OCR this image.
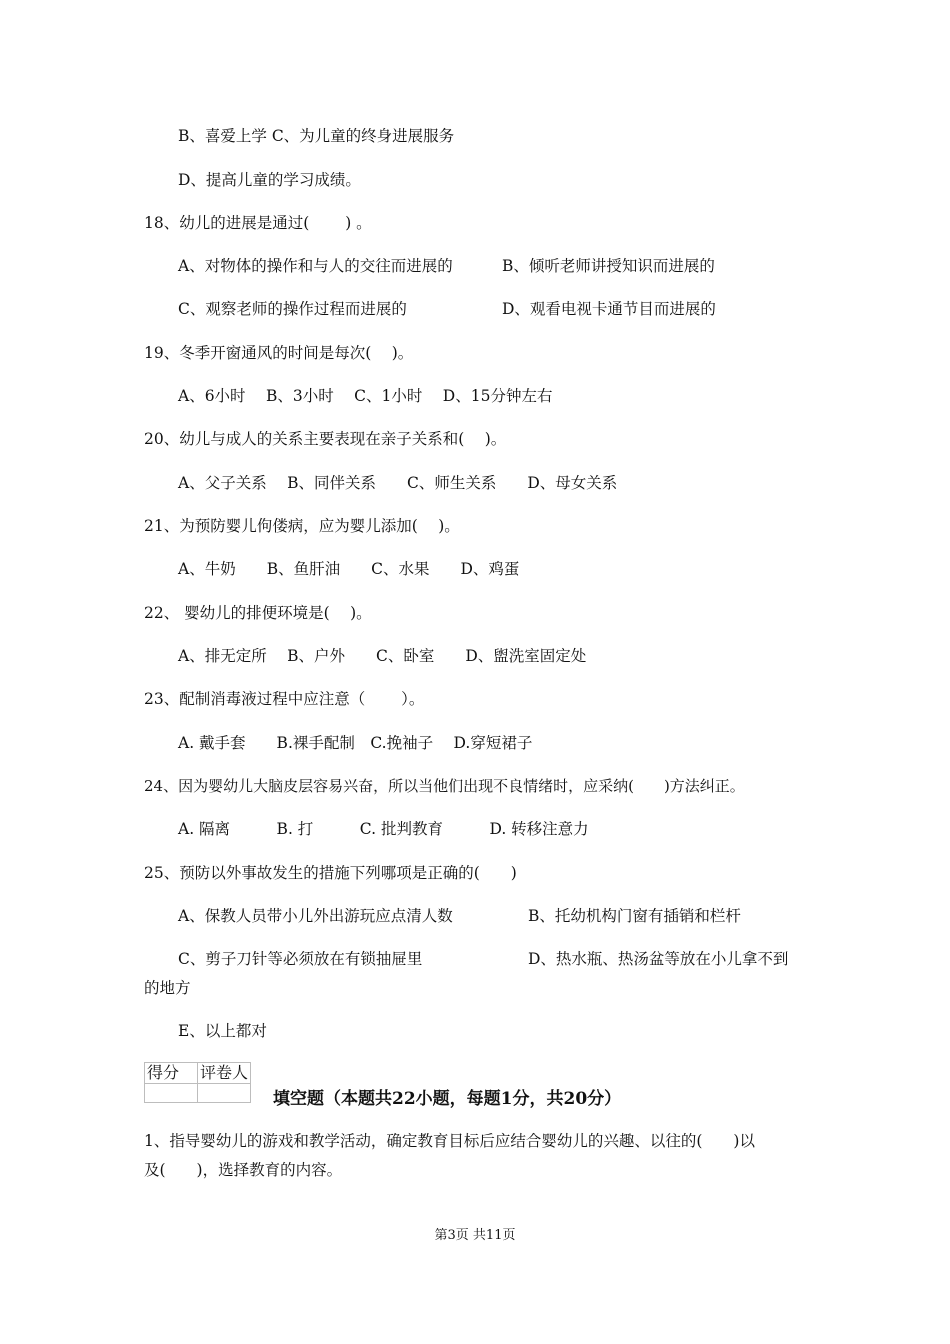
B、喜爱上学 C、为儿童的终身进展服务

D、提高儿童的学习成绩。

18、幼儿的进展是通过(　　 ) 。

A、对物体的操作和与人的交往而进展的	B、倾听老师讲授知识而进展的

C、观察老师的操作过程而进展的	D、观看电视卡通节目而进展的

19、冬季开窗通风的时间是每次(　 )。

A、6小时　 B、3小时　 C、1小时　 D、15分钟左右

20、幼儿与成人的关系主要表现在亲子关系和(　 )。

A、父子关系　 B、同伴关系　　C、师生关系　　D、母女关系

21、为预防婴儿佝偻病，应为婴儿添加(　 )。

A、牛奶　　B、鱼肝油　　C、水果　　D、鸡蛋

22、 婴幼儿的排便环境是(　 )。

A、排无定所　 B、户外　　C、卧室　　D、盥洗室固定处

23、配制消毒液过程中应注意（　　 ）。

A. 戴手套　　B.裸手配制　C.挽袖子　 D.穿短裙子

24、因为婴幼儿大脑皮层容易兴奋，所以当他们出现不良情绪时，应采纳(　　)方法纠正。

A. 隔离　　　B. 打　　　C. 批判教育　　　D. 转移注意力

25、预防以外事故发生的措施下列哪项是正确的(　　)

A、保教人员带小儿外出游玩应点清人数	B、托幼机构门窗有插销和栏杆

C、剪子刀针等必须放在有锁抽屉里	D、热水瓶、热汤盆等放在小儿拿不到

的地方

E、以上都对

得分	评卷人

填空题（本题共22小题，每题1分，共20分）

1、指导婴幼儿的游戏和教学活动，确定教育目标后应结合婴幼儿的兴趣、以往的(　　)以

及(　　)，选择教育的内容。

第3页 共11页
